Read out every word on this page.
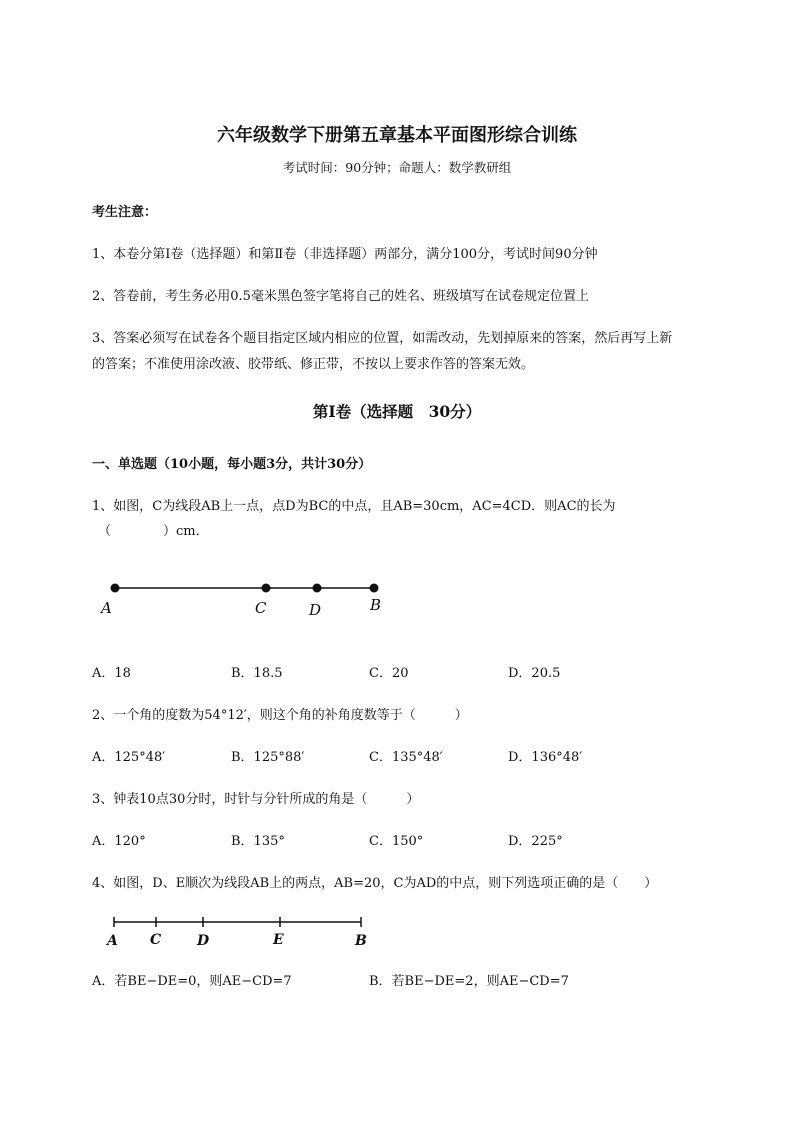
六年级数学下册第五章基本平面图形综合训练
考试时间：90分钟；命题人：数学教研组
考生注意：
1、本卷分第I卷（选择题）和第Ⅱ卷（非选择题）两部分，满分100分，考试时间90分钟
2、答卷前，考生务必用0.5毫米黑色签字笔将自己的姓名、班级填写在试卷规定位置上
3、答案必须写在试卷各个题目指定区域内相应的位置，如需改动，先划掉原来的答案，然后再写上新
的答案；不准使用涂改液、胶带纸、修正带，不按以上要求作答的答案无效。
第I卷（选择题　30分）
一、单选题（10小题，每小题3分，共计30分）
1、如图，C为线段AB上一点，点D为BC的中点，且AB=30cm，AC=4CD．则AC的长为
（　　　　）cm．
A	C	D	B
A C	D	E	B
A．18	B．18.5	C．20	D．20.5
2、一个角的度数为54°12′，则这个角的补角度数等于（　　　）
A．125°48′	B．125°88′	C．135°48′	D．136°48′
3、钟表10点30分时，时针与分针所成的角是（　　　）
A．120°	B．135°	C．150°	D．225°
4、如图，D、E顺次为线段AB上的两点，AB=20，C为AD的中点，则下列选项正确的是（　　）
A．若BE−DE=0，则AE−CD=7	B．若BE−DE=2，则AE−CD=7
